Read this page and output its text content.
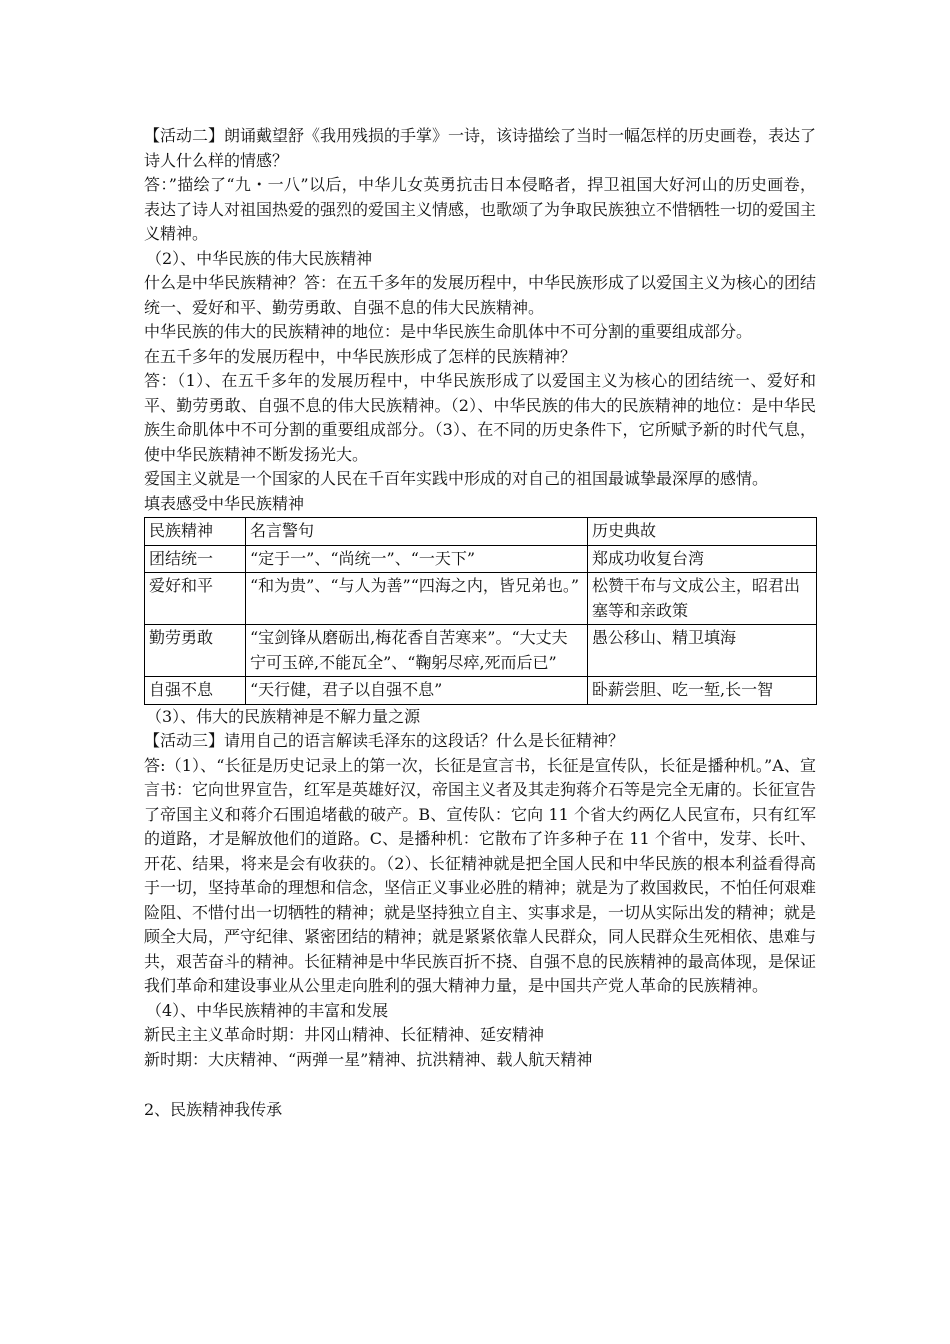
【活动二】朗诵戴望舒《我用残损的手掌》一诗，该诗描绘了当时一幅怎样的历史画卷，表达了诗人什么样的情感？

答：”描绘了“九・一八”以后，中华儿女英勇抗击日本侵略者，捍卫祖国大好河山的历史画卷，表达了诗人对祖国热爱的强烈的爱国主义情感，也歌颂了为争取民族独立不惜牺牲一切的爱国主义精神。

（2）、中华民族的伟大民族精神

什么是中华民族精神？答：在五千多年的发展历程中，中华民族形成了以爱国主义为核心的团结统一、爱好和平、勤劳勇敢、自强不息的伟大民族精神。

中华民族的伟大的民族精神的地位：是中华民族生命肌体中不可分割的重要组成部分。

在五千多年的发展历程中，中华民族形成了怎样的民族精神？

答：（1）、在五千多年的发展历程中，中华民族形成了以爱国主义为核心的团结统一、爱好和平、勤劳勇敢、自强不息的伟大民族精神。（2）、中华民族的伟大的民族精神的地位：是中华民族生命肌体中不可分割的重要组成部分。（3）、在不同的历史条件下，它所赋予新的时代气息，使中华民族精神不断发扬光大。

爱国主义就是一个国家的人民在千百年实践中形成的对自己的祖国最诚挚最深厚的感情。

填表感受中华民族精神

民族精神	名言警句	历史典故
团结统一	“定于一”、“尚统一”、“一天下”	郑成功收复台湾
爱好和平	“和为贵”、“与人为善”“四海之内，皆兄弟也。”	松赞干布与文成公主，昭君出塞等和亲政策
勤劳勇敢	“宝剑锋从磨砺出,梅花香自苦寒来”。“大丈夫宁可玉碎,不能瓦全”、“鞠躬尽瘁,死而后已”	愚公移山、精卫填海
自强不息	“天行健，君子以自强不息”	卧薪尝胆、吃一堑,长一智

（3）、伟大的民族精神是不解力量之源

【活动三】请用自己的语言解读毛泽东的这段话？什么是长征精神？

答:（1）、“长征是历史记录上的第一次，长征是宣言书，长征是宣传队，长征是播种机。”A、宣言书：它向世界宣告，红军是英雄好汉，帝国主义者及其走狗蒋介石等是完全无庸的。长征宣告了帝国主义和蒋介石围追堵截的破产。B、宣传队：它向 11 个省大约两亿人民宣布，只有红军的道路，才是解放他们的道路。C、是播种机：它散布了许多种子在 11 个省中，发芽、长叶、开花、结果，将来是会有收获的。（2）、长征精神就是把全国人民和中华民族的根本利益看得高于一切，坚持革命的理想和信念，坚信正义事业必胜的精神；就是为了救国救民，不怕任何艰难险阻、不惜付出一切牺牲的精神；就是坚持独立自主、实事求是，一切从实际出发的精神；就是顾全大局，严守纪律、紧密团结的精神；就是紧紧依靠人民群众，同人民群众生死相依、患难与共，艰苦奋斗的精神。长征精神是中华民族百折不挠、自强不息的民族精神的最高体现，是保证我们革命和建设事业从公里走向胜利的强大精神力量，是中国共产党人革命的民族精神。

（4）、中华民族精神的丰富和发展

新民主主义革命时期：井冈山精神、长征精神、延安精神

新时期：大庆精神、“两弹一星”精神、抗洪精神、载人航天精神

2、民族精神我传承
